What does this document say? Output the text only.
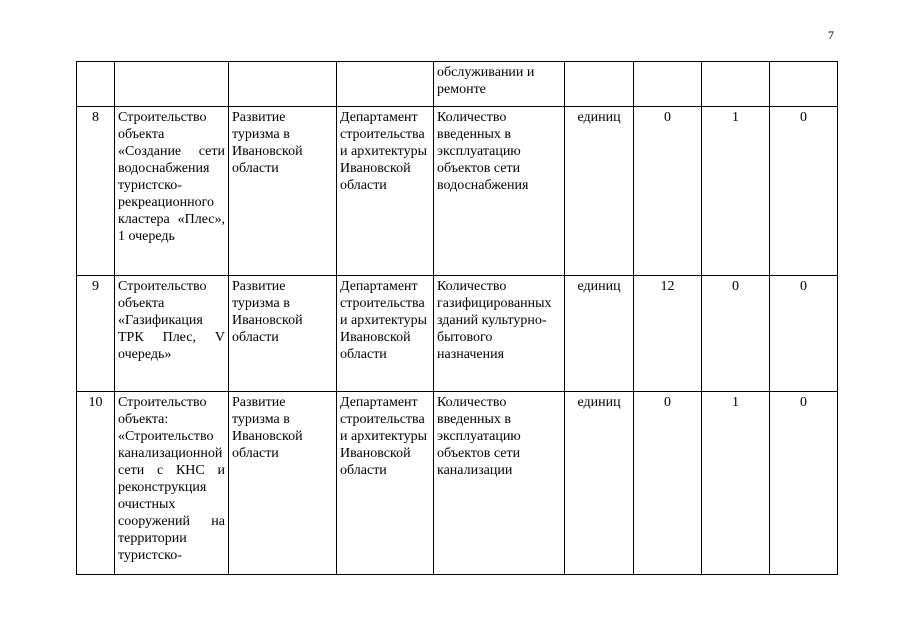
7
				обслуживании и ремонте				
8	Строительство объекта «Создание сети водоснабжения туристско-рекреационного кластера «Плес», 1 очередь	Развитие туризма в Ивановской области	Департамент строительства и архитектуры Ивановской области	Количество введенных в эксплуатацию объектов сети водоснабжения	единиц	0	1	0
9	Строительство объекта «Газификация ТРК Плес, V очередь»	Развитие туризма в Ивановской области	Департамент строительства и архитектуры Ивановской области	Количество газифицированных зданий культурно-бытового назначения	единиц	12	0	0
10	Строительство объекта: «Строительство канализационной сети с КНС и реконструкция очистных сооружений на территории туристско-	Развитие туризма в Ивановской области	Департамент строительства и архитектуры Ивановской области	Количество введенных в эксплуатацию объектов сети канализации	единиц	0	1	0
